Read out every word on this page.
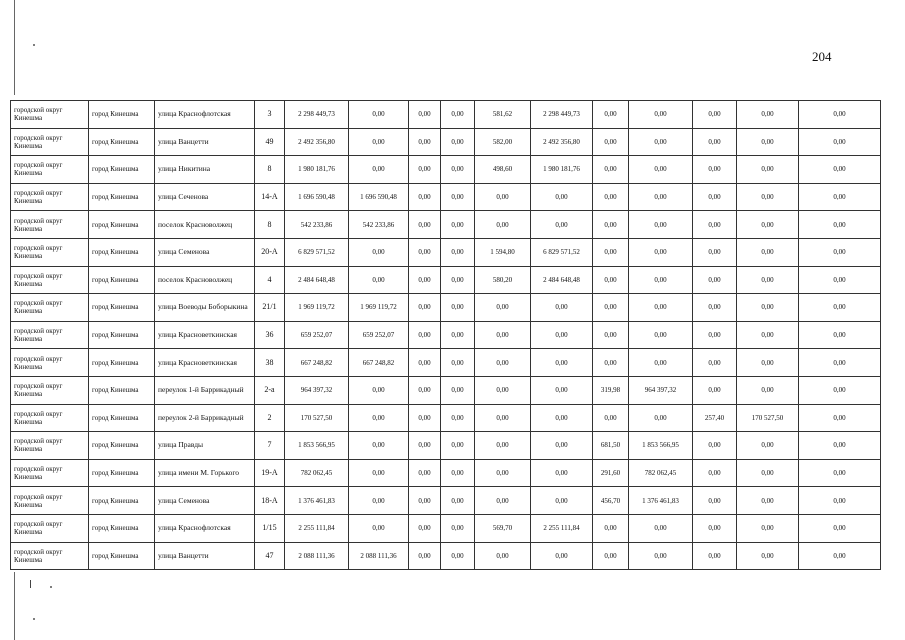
204
городской округ Кинешма	город Кинешма	улица Краснофлотская	3	2 298 449,73	0,00	0,00	0,00	581,62	2 298 449,73	0,00	0,00	0,00	0,00	0,00
городской округ Кинешма	город Кинешма	улица Ванцетти	49	2 492 356,80	0,00	0,00	0,00	582,00	2 492 356,80	0,00	0,00	0,00	0,00	0,00
городской округ Кинешма	город Кинешма	улица Никитина	8	1 980 181,76	0,00	0,00	0,00	498,60	1 980 181,76	0,00	0,00	0,00	0,00	0,00
городской округ Кинешма	город Кинешма	улица Сеченова	14-А	1 696 590,48	1 696 590,48	0,00	0,00	0,00	0,00	0,00	0,00	0,00	0,00	0,00
городской округ Кинешма	город Кинешма	поселок Красноволжец	8	542 233,86	542 233,86	0,00	0,00	0,00	0,00	0,00	0,00	0,00	0,00	0,00
городской округ Кинешма	город Кинешма	улица Семенова	20-А	6 829 571,52	0,00	0,00	0,00	1 594,80	6 829 571,52	0,00	0,00	0,00	0,00	0,00
городской округ Кинешма	город Кинешма	поселок Красноволжец	4	2 484 648,48	0,00	0,00	0,00	580,20	2 484 648,48	0,00	0,00	0,00	0,00	0,00
городской округ Кинешма	город Кинешма	улица Воеводы Боборыкина	21/1	1 969 119,72	1 969 119,72	0,00	0,00	0,00	0,00	0,00	0,00	0,00	0,00	0,00
городской округ Кинешма	город Кинешма	улица Красноветкинская	36	659 252,07	659 252,07	0,00	0,00	0,00	0,00	0,00	0,00	0,00	0,00	0,00
городской округ Кинешма	город Кинешма	улица Красноветкинская	38	667 248,82	667 248,82	0,00	0,00	0,00	0,00	0,00	0,00	0,00	0,00	0,00
городской округ Кинешма	город Кинешма	переулок 1-й Баррикадный	2-а	964 397,32	0,00	0,00	0,00	0,00	0,00	319,98	964 397,32	0,00	0,00	0,00
городской округ Кинешма	город Кинешма	переулок 2-й Баррикадный	2	170 527,50	0,00	0,00	0,00	0,00	0,00	0,00	0,00	257,40	170 527,50	0,00
городской округ Кинешма	город Кинешма	улица Правды	7	1 853 566,95	0,00	0,00	0,00	0,00	0,00	681,50	1 853 566,95	0,00	0,00	0,00
городской округ Кинешма	город Кинешма	улица имени М. Горького	19-А	782 062,45	0,00	0,00	0,00	0,00	0,00	291,60	782 062,45	0,00	0,00	0,00
городской округ Кинешма	город Кинешма	улица Семенова	18-А	1 376 461,83	0,00	0,00	0,00	0,00	0,00	456,70	1 376 461,83	0,00	0,00	0,00
городской округ Кинешма	город Кинешма	улица Краснофлотская	1/15	2 255 111,84	0,00	0,00	0,00	569,70	2 255 111,84	0,00	0,00	0,00	0,00	0,00
городской округ Кинешма	город Кинешма	улица Ванцетти	47	2 088 111,36	2 088 111,36	0,00	0,00	0,00	0,00	0,00	0,00	0,00	0,00	0,00
